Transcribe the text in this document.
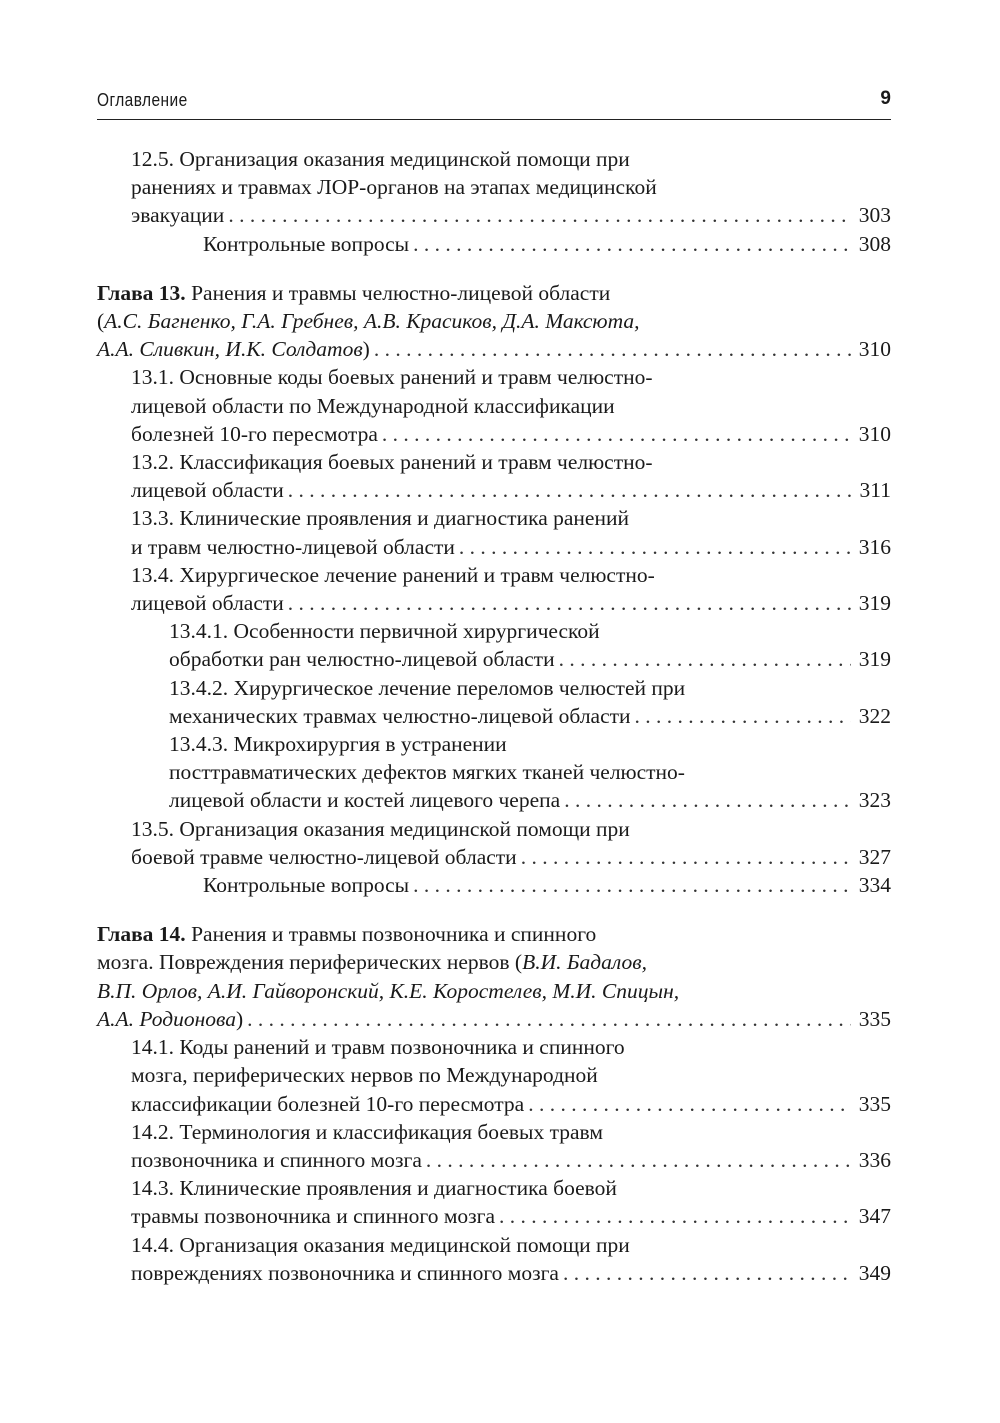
Оглавление	9
12.5. Организация оказания медицинской помощи при
ранениях и травмах ЛОР-органов на этапах медицинской
эвакуации . . .	303
Контрольные вопросы . . .	308
Глава 13. Ранения и травмы челюстно-лицевой области
(А.С. Багненко, Г.А. Гребнев, А.В. Красиков, Д.А. Максюта,
А.А. Сливкин, И.К. Солдатов) . . .	310
13.1. Основные коды боевых ранений и травм челюстно-
лицевой области по Международной классификации
болезней 10-го пересмотра . . .	310
13.2. Классификация боевых ранений и травм челюстно-
лицевой области . . .	311
13.3. Клинические проявления и диагностика ранений
и травм челюстно-лицевой области . . .	316
13.4. Хирургическое лечение ранений и травм челюстно-
лицевой области . . .	319
13.4.1. Особенности первичной хирургической
обработки ран челюстно-лицевой области . . .	319
13.4.2. Хирургическое лечение переломов челюстей при
механических травмах челюстно-лицевой области . . .	322
13.4.3. Микрохирургия в устранении
посттравматических дефектов мягких тканей челюстно-
лицевой области и костей лицевого черепа . . .	323
13.5. Организация оказания медицинской помощи при
боевой травме челюстно-лицевой области . . .	327
Контрольные вопросы . . .	334
Глава 14. Ранения и травмы позвоночника и спинного
мозга. Повреждения периферических нервов (В.И. Бадалов,
В.П. Орлов, А.И. Гайворонский, К.Е. Коростелев, М.И. Спицын,
А.А. Родионова) . . .	335
14.1. Коды ранений и травм позвоночника и спинного
мозга, периферических нервов по Международной
классификации болезней 10-го пересмотра . . .	335
14.2. Терминология и классификация боевых травм
позвоночника и спинного мозга . . .	336
14.3. Клинические проявления и диагностика боевой
травмы позвоночника и спинного мозга . . .	347
14.4. Организация оказания медицинской помощи при
повреждениях позвоночника и спинного мозга . . .	349
